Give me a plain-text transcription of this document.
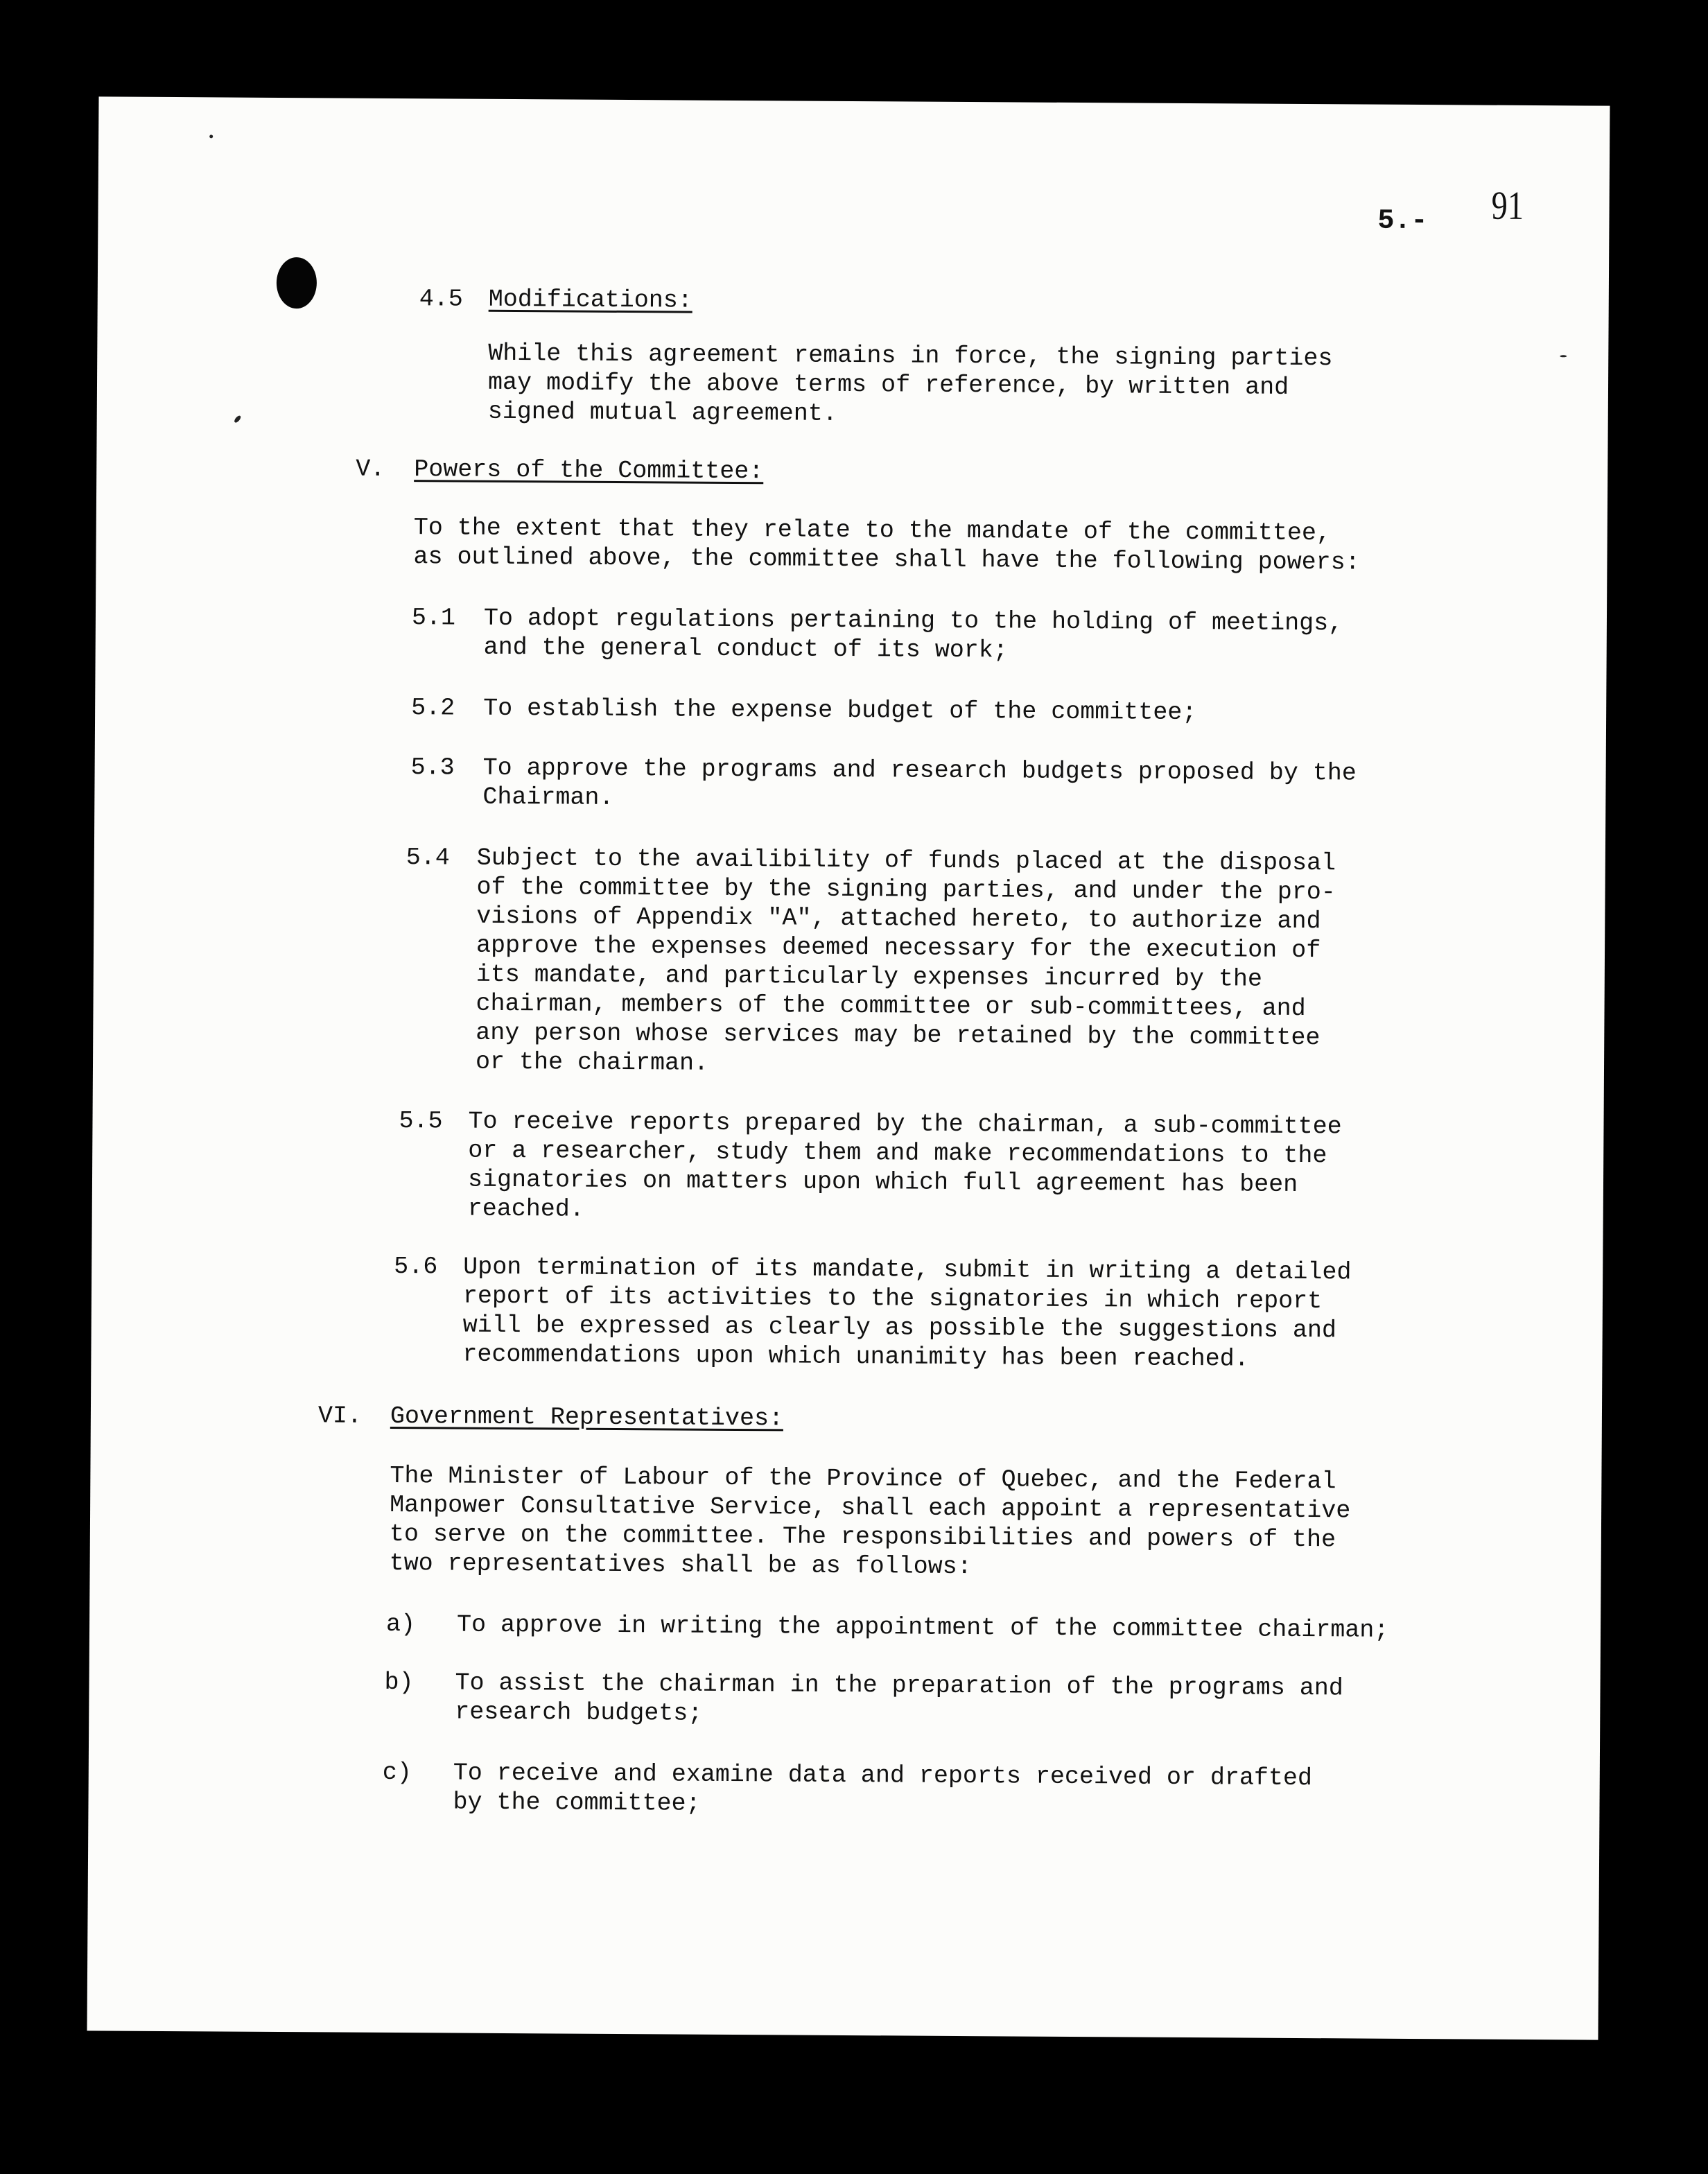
5.- 91
4.5 Modifications:
While this agreement remains in force, the signing parties
may modify the above terms of reference, by written and
signed mutual agreement.
V. Powers of the Committee:
To the extent that they relate to the mandate of the committee,
as outlined above, the committee shall have the following powers:
5.1 To adopt regulations pertaining to the holding of meetings,
and the general conduct of its work;
5.2 To establish the expense budget of the committee;
5.3 To approve the programs and research budgets proposed by the
Chairman.
5.4 Subject to the availibility of funds placed at the disposal
of the committee by the signing parties, and under the pro-
visions of Appendix "A", attached hereto, to authorize and
approve the expenses deemed necessary for the execution of
its mandate, and particularly expenses incurred by the
chairman, members of the committee or sub-committees, and
any person whose services may be retained by the committee
or the chairman.
5.5 To receive reports prepared by the chairman, a sub-committee
or a researcher, study them and make recommendations to the
signatories on matters upon which full agreement has been
reached.
5.6 Upon termination of its mandate, submit in writing a detailed
report of its activities to the signatories in which report
will be expressed as clearly as possible the suggestions and
recommendations upon which unanimity has been reached.
VI. Government Representatives:
The Minister of Labour of the Province of Quebec, and the Federal
Manpower Consultative Service, shall each appoint a representative
to serve on the committee. The responsibilities and powers of the
two representatives shall be as follows:
a) To approve in writing the appointment of the committee chairman;
b) To assist the chairman in the preparation of the programs and
research budgets;
c) To receive and examine data and reports received or drafted
by the committee;
